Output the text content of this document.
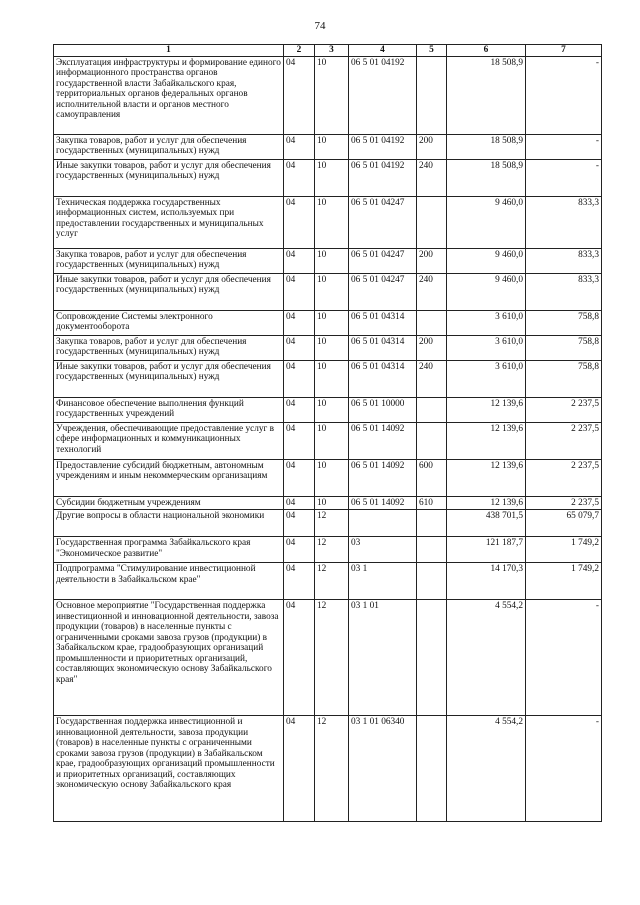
74
1	2	3	4	5	6	7
Эксплуатация инфраструктуры и формирование единого информационного пространства органов государственной власти Забайкальского края, территориальных органов федеральных органов исполнительной власти и органов местного самоуправления	04	10	06 5 01 04192		18 508,9	-
Закупка товаров, работ и услуг для обеспечения государственных (муниципальных) нужд	04	10	06 5 01 04192	200	18 508,9	-
Иные закупки товаров, работ и услуг для обеспечения государственных (муниципальных) нужд	04	10	06 5 01 04192	240	18 508,9	-
Техническая поддержка государственных информационных систем, используемых при предоставлении государственных и муниципальных услуг	04	10	06 5 01 04247		9 460,0	833,3
Закупка товаров, работ и услуг для обеспечения государственных (муниципальных) нужд	04	10	06 5 01 04247	200	9 460,0	833,3
Иные закупки товаров, работ и услуг для обеспечения государственных (муниципальных) нужд	04	10	06 5 01 04247	240	9 460,0	833,3
Сопровождение Системы электронного документооборота	04	10	06 5 01 04314		3 610,0	758,8
Закупка товаров, работ и услуг для обеспечения государственных (муниципальных) нужд	04	10	06 5 01 04314	200	3 610,0	758,8
Иные закупки товаров, работ и услуг для обеспечения государственных (муниципальных) нужд	04	10	06 5 01 04314	240	3 610,0	758,8
Финансовое обеспечение выполнения функций государственных учреждений	04	10	06 5 01 10000		12 139,6	2 237,5
Учреждения, обеспечивающие предоставление услуг в сфере информационных и коммуникационных технологий	04	10	06 5 01 14092		12 139,6	2 237,5
Предоставление субсидий бюджетным, автономным учреждениям и иным некоммерческим организациям	04	10	06 5 01 14092	600	12 139,6	2 237,5
Субсидии бюджетным учреждениям	04	10	06 5 01 14092	610	12 139,6	2 237,5
Другие вопросы в области национальной экономики	04	12			438 701,5	65 079,7
Государственная программа Забайкальского края "Экономическое развитие"	04	12	03		121 187,7	1 749,2
Подпрограмма "Стимулирование инвестиционной деятельности в Забайкальском крае"	04	12	03 1		14 170,3	1 749,2
Основное мероприятие "Государственная поддержка инвестиционной и инновационной деятельности, завоза продукции (товаров) в населенные пункты с ограниченными сроками завоза грузов (продукции) в Забайкальском крае, градообразующих организаций промышленности и приоритетных организаций, составляющих экономическую основу Забайкальского края"	04	12	03 1 01		4 554,2	-
Государственная поддержка инвестиционной и инновационной деятельности, завоза продукции (товаров) в населенные пункты с ограниченными сроками завоза грузов (продукции) в Забайкальском крае, градообразующих организаций промышленности и приоритетных организаций, составляющих экономическую основу Забайкальского края	04	12	03 1 01 06340		4 554,2	-
